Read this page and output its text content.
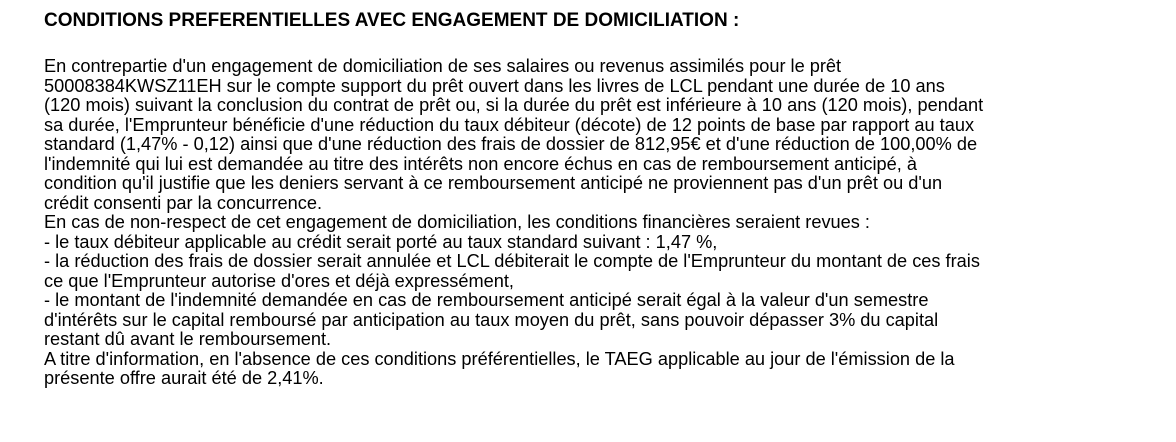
CONDITIONS PREFERENTIELLES AVEC ENGAGEMENT DE DOMICILIATION :
En contrepartie d'un engagement de domiciliation de ses salaires ou revenus assimilés pour le prêt
50008384KWSZ11EH sur le compte support du prêt ouvert dans les livres de LCL pendant une durée de 10 ans
(120 mois) suivant la conclusion du contrat de prêt ou, si la durée du prêt est inférieure à 10 ans (120 mois), pendant
sa durée, l'Emprunteur bénéficie d'une réduction du taux débiteur (décote) de 12 points de base par rapport au taux
standard (1,47% - 0,12) ainsi que d'une réduction des frais de dossier de 812,95€ et d'une réduction de 100,00% de
l'indemnité qui lui est demandée au titre des intérêts non encore échus en cas de remboursement anticipé, à
condition qu'il justifie que les deniers servant à ce remboursement anticipé ne proviennent pas d'un prêt ou d'un
crédit consenti par la concurrence.
En cas de non-respect de cet engagement de domiciliation, les conditions financières seraient revues :
- le taux débiteur applicable au crédit serait porté au taux standard suivant : 1,47 %,
- la réduction des frais de dossier serait annulée et LCL débiterait le compte de l'Emprunteur du montant de ces frais
ce que l'Emprunteur autorise d'ores et déjà expressément,
- le montant de l'indemnité demandée en cas de remboursement anticipé serait égal à la valeur d'un semestre
d'intérêts sur le capital remboursé par anticipation au taux moyen du prêt, sans pouvoir dépasser 3% du capital
restant dû avant le remboursement.
A titre d'information, en l'absence de ces conditions préférentielles, le TAEG applicable au jour de l'émission de la
présente offre aurait été de 2,41%.
